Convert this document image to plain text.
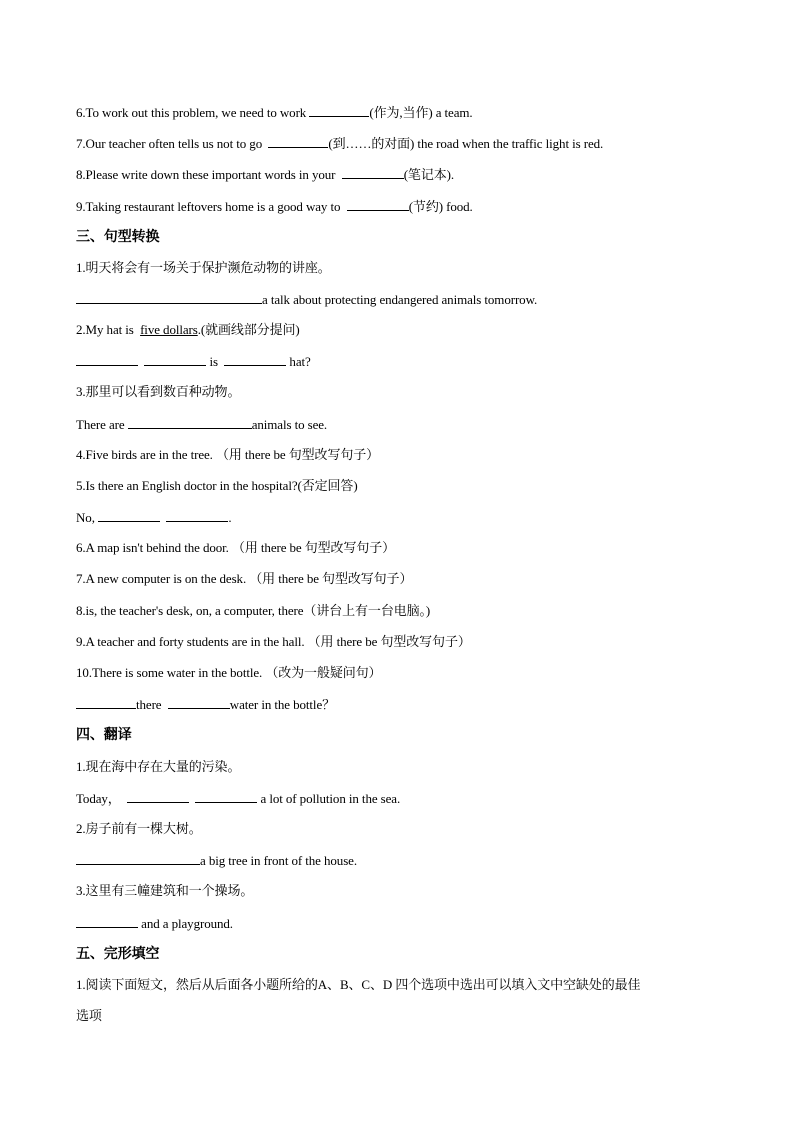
6.To work out this problem, we need to work	(作为,当作) a team.
7.Our teacher often tells us not to go	(到……的对面) the road when the traffic light is red.
8.Please write down these important words in your	(笔记本).
9.Taking restaurant leftovers home is a good way to	(节约) food.
三、句型转换
1.明天将会有一场关于保护濒危动物的讲座。
a talk about protecting endangered animals tomorrow.
2.My hat is five dollars.(就画线部分提问)
is	hat?
3.那里可以看到数百种动物。
There are	animals to see.
4.Five birds are in the tree. （用 there be 句型改写句子）
5.Is there an English doctor in the hospital?(否定回答)
No,	.
6.A map isn't behind the door. （用 there be 句型改写句子）
7.A new computer is on the desk. （用 there be 句型改写句子）
8.is, the teacher's desk, on, a computer, there（讲台上有一台电脑。)
9.A teacher and forty students are in the hall. （用 there be 句型改写句子）
10.There is some water in the bottle. （改为一般疑问句）
there	water in the bottle？
四、翻译
1.现在海中存在大量的污染。
Today，	a lot of pollution in the sea.
2.房子前有一棵大树。
a big tree in front of the house.
3.这里有三幢建筑和一个操场。
and a playground.
五、完形填空
1.阅读下面短文，然后从后面各小题所给的A、B、C、D 四个选项中选出可以填入文中空缺处的最佳
选项
